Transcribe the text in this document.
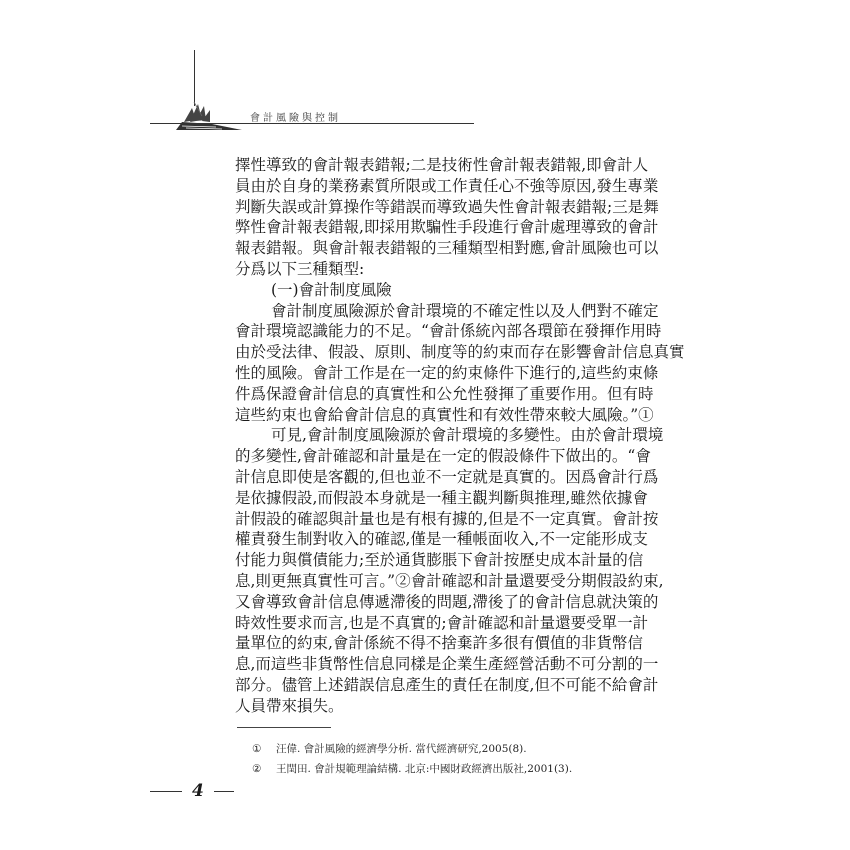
會計風險與控制
擇性導致的會計報表錯報;二是技術性會計報表錯報,即會計人
員由於自身的業務素質所限或工作責任心不強等原因,發生專業
判斷失誤或計算操作等錯誤而導致過失性會計報表錯報;三是舞
弊性會計報表錯報,即採用欺騙性手段進行會計處理導致的會計
報表錯報。與會計報表錯報的三種類型相對應,會計風險也可以
分爲以下三種類型:
(一)會計制度風險
會計制度風險源於會計環境的不確定性以及人們對不確定
會計環境認識能力的不足。“會計係統內部各環節在發揮作用時
由於受法律、假設、原則、制度等的約束而存在影響會計信息真實
性的風險。會計工作是在一定的約束條件下進行的,這些約束條
件爲保證會計信息的真實性和公允性發揮了重要作用。但有時
這些約束也會給會計信息的真實性和有效性帶來較大風險。”①
可見,會計制度風險源於會計環境的多變性。由於會計環境
的多變性,會計確認和計量是在一定的假設條件下做出的。“會
計信息即使是客觀的,但也並不一定就是真實的。因爲會計行爲
是依據假設,而假設本身就是一種主觀判斷與推理,雖然依據會
計假設的確認與計量也是有根有據的,但是不一定真實。會計按
權責發生制對收入的確認,僅是一種帳面收入,不一定能形成支
付能力與償債能力;至於通貨膨脹下會計按歷史成本計量的信
息,則更無真實性可言。”②會計確認和計量還要受分期假設約束,
又會導致會計信息傳遞滯後的問題,滯後了的會計信息就決策的
時效性要求而言,也是不真實的;會計確認和計量還要受單一計
量單位的約束,會計係統不得不捨棄許多很有價值的非貨幣信
息,而這些非貨幣性信息同樣是企業生產經營活動不可分割的一
部分。儘管上述錯誤信息產生的責任在制度,但不可能不給會計
人員帶來損失。
① 汪偉. 會計風險的經濟學分析. 當代經濟研究,2005(8).
② 王閏田. 會計規範理論結構. 北京:中國財政經濟出版社,2001(3).
4
